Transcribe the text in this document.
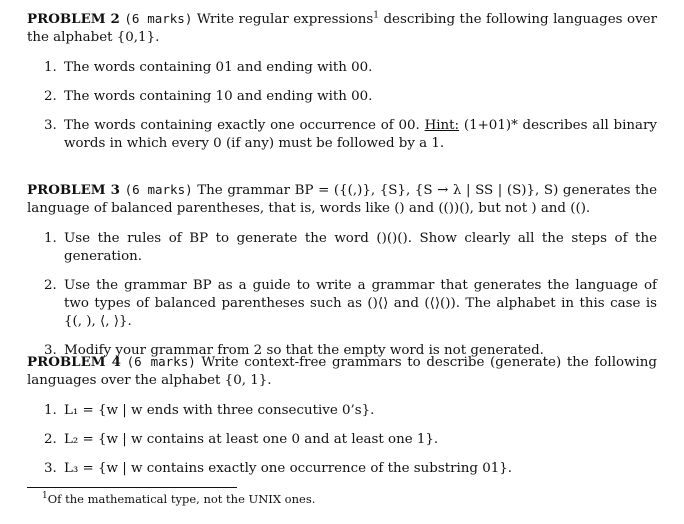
PROBLEM 2 (6 marks) Write regular expressions$^1$ describing the following languages over the alphabet {0,1}.
1. The words containing 01 and ending with 00.
2. The words containing 10 and ending with 00.
3. The words containing exactly one occurrence of 00. Hint: (1+01)* describes all binary words in which every 0 (if any) must be followed by a 1.
PROBLEM 3 (6 marks) The grammar BP = ({(,)}, {S}, {S → λ | SS | (S)}, S) generates the language of balanced parentheses, that is, words like () and (())(), but not ) and (().
1. Use the rules of BP to generate the word ()()(). Show clearly all the steps of the generation.
2. Use the grammar BP as a guide to write a grammar that generates the language of two types of balanced parentheses such as ()⟨⟩ and (⟨⟩()). The alphabet in this case is {(, ), ⟨, ⟩}.
3. Modify your grammar from 2 so that the empty word is not generated.
PROBLEM 4 (6 marks) Write context-free grammars to describe (generate) the following languages over the alphabet {0, 1}.
1. L₁ = {w | w ends with three consecutive 0’s}.
2. L₂ = {w | w contains at least one 0 and at least one 1}.
3. L₃ = {w | w contains exactly one occurrence of the substring 01}.
$^1$Of the mathematical type, not the UNIX ones.
